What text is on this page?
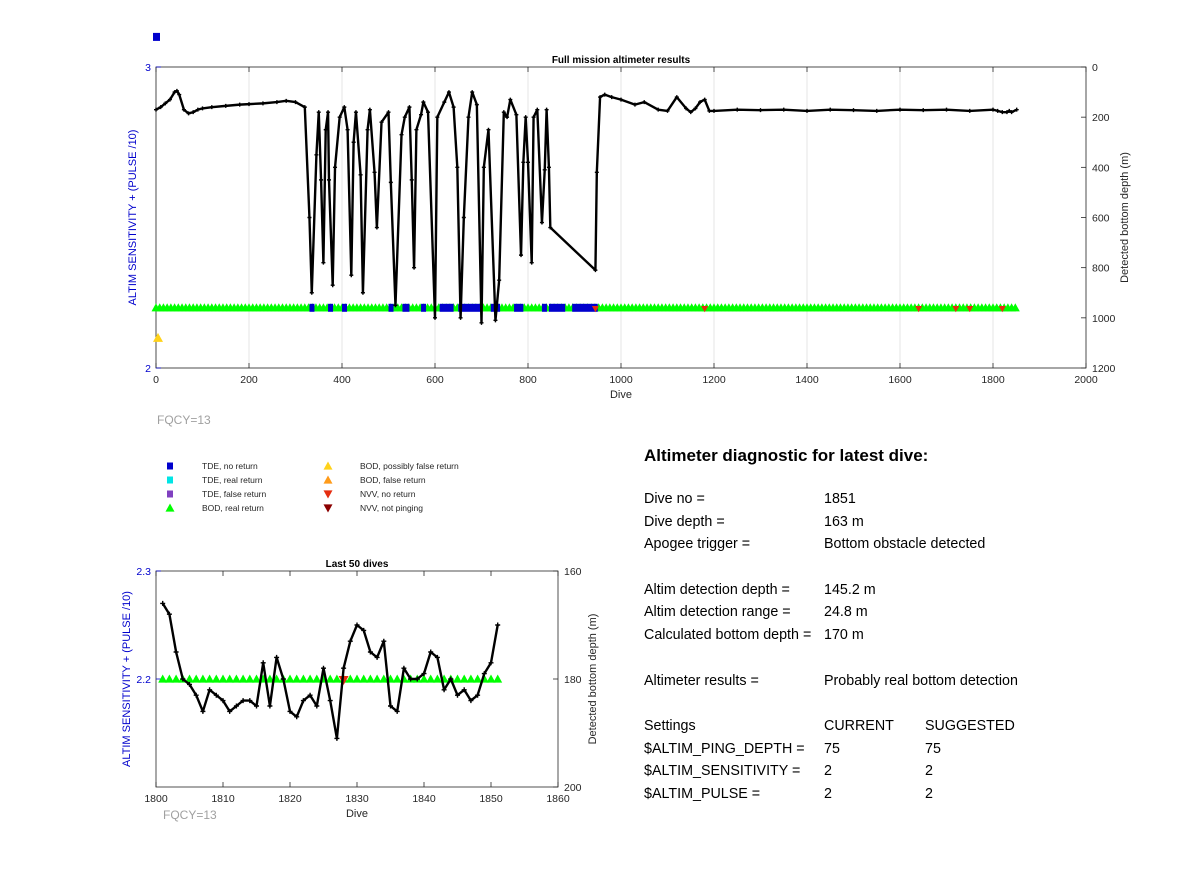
0	200	400	600	800	1000	1200	1400	1600	1800	2000
2
3	0
200
400
600
800
1000
1200
Full mission altimeter results
Dive
ALTIM SENSITIVITY + (PULSE /10)	Detected bottom depth (m)
1800	1810	1820	1830	1840	1850	1860
2.2
2.3	160
180
200
Last 50 dives
Dive
ALTIM SENSITIVITY + (PULSE /10)	Detected bottom depth (m)
FQCY=13
FQCY=13
TDE, no return
TDE, real return
TDE, false return
BOD, real return
BOD, possibly false return
BOD, false return
NVV, no return
NVV, not pinging
Altimeter diagnostic for latest dive:
Dive no =	1851
Dive depth =	163 m
Apogee trigger =	Bottom obstacle detected
Altim detection depth =	145.2 m
Altim detection range =	24.8 m
Calculated bottom depth = 170 m
Altimeter results =	Probably real bottom detection
Settings	CURRENT	SUGGESTED
$ALTIM_PING_DEPTH =	75	75
$ALTIM_SENSITIVITY =	2	2
$ALTIM_PULSE =	2	2
